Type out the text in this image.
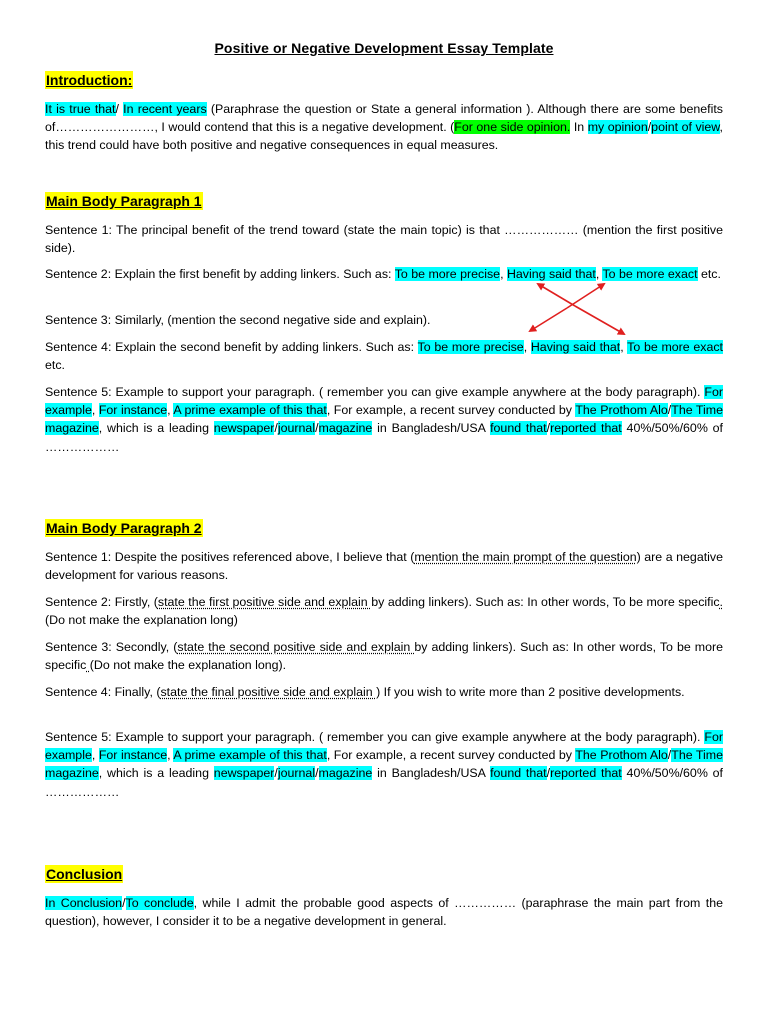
Positive or Negative Development Essay Template
Introduction:
It is true that/ In recent years (Paraphrase the question or State a general information ). Although there are some benefits of……………………, I would contend that this is a negative development. (For one side opinion. In my opinion/point of view, this trend could have both positive and negative consequences in equal measures.
Main Body Paragraph 1
Sentence 1: The principal benefit of the trend toward (state the main topic) is that ……………… (mention the first positive side).
Sentence 2: Explain the first benefit by adding linkers. Such as: To be more precise, Having said that, To be more exact etc.
Sentence 3: Similarly, (mention the second negative side and explain).
Sentence 4: Explain the second benefit by adding linkers. Such as: To be more precise, Having said that, To be more exact etc.
Sentence 5: Example to support your paragraph. ( remember you can give example anywhere at the body paragraph). For example, For instance, A prime example of this that, For example, a recent survey conducted by The Prothom Alo/The Time magazine, which is a leading newspaper/journal/magazine in Bangladesh/USA found that/reported that 40%/50%/60% of ………………
Main Body Paragraph 2
Sentence 1: Despite the positives referenced above, I believe that (mention the main prompt of the question) are a negative development for various reasons.
Sentence 2: Firstly, (state the first positive side and explain by adding linkers). Such as: In other words, To be more specific. (Do not make the explanation long)
Sentence 3: Secondly, (state the second positive side and explain by adding linkers). Such as: In other words, To be more specific (Do not make the explanation long).
Sentence 4: Finally, (state the final positive side and explain ) If you wish to write more than 2 positive developments.
Sentence 5: Example to support your paragraph. ( remember you can give example anywhere at the body paragraph). For example, For instance, A prime example of this that, For example, a recent survey conducted by The Prothom Alo/The Time magazine, which is a leading newspaper/journal/magazine in Bangladesh/USA found that/reported that 40%/50%/60% of ………………
Conclusion
In Conclusion/To conclude, while I admit the probable good aspects of …………… (paraphrase the main part from the question), however, I consider it to be a negative development in general.
